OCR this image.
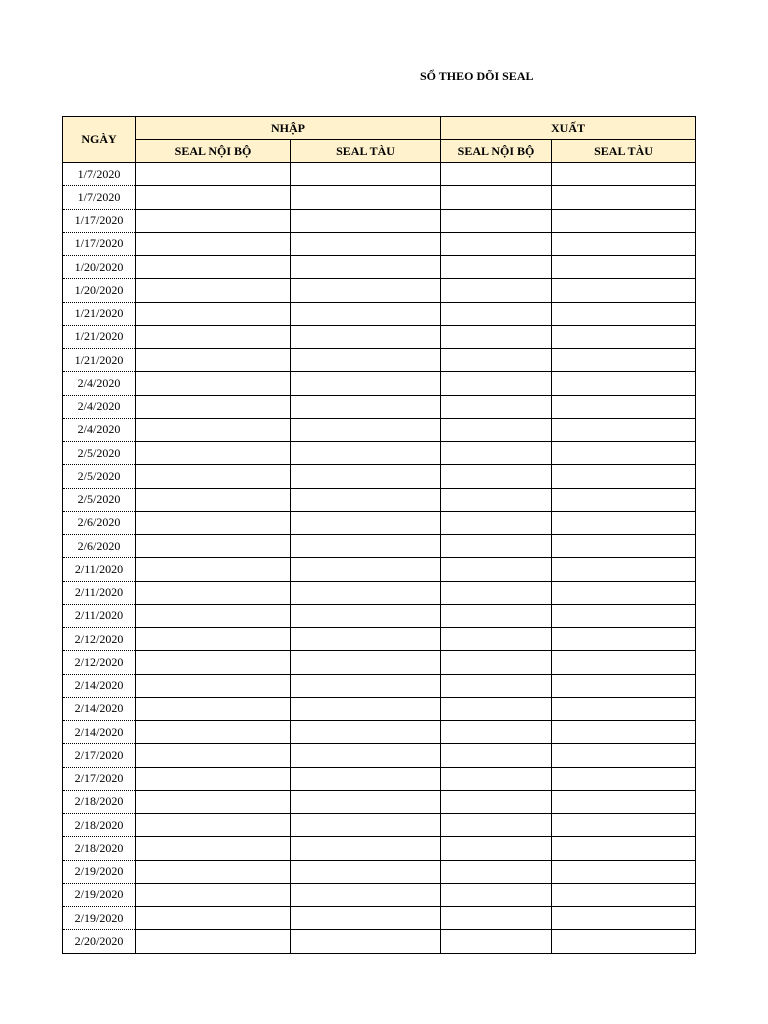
SỔ THEO DÕI SEAL
NGÀY	NHẬP		XUẤT	
	SEAL NỘI BỘ	SEAL TÀU	SEAL NỘI BỘ	SEAL TÀU
1/7/2020				
1/7/2020				
1/17/2020				
1/17/2020				
1/20/2020				
1/20/2020				
1/21/2020				
1/21/2020				
1/21/2020				
2/4/2020				
2/4/2020				
2/4/2020				
2/5/2020				
2/5/2020				
2/5/2020				
2/6/2020				
2/6/2020				
2/11/2020				
2/11/2020				
2/11/2020				
2/12/2020				
2/12/2020				
2/14/2020				
2/14/2020				
2/14/2020				
2/17/2020				
2/17/2020				
2/18/2020				
2/18/2020				
2/18/2020				
2/19/2020				
2/19/2020				
2/19/2020				
2/20/2020				
